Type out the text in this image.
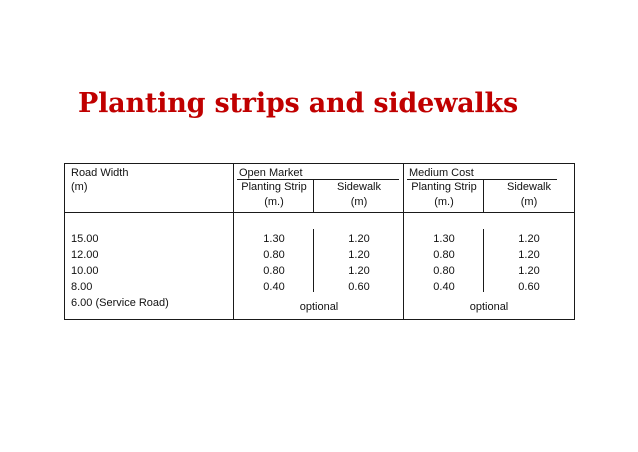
Planting strips and sidewalks
Road Width
(m)
Open Market
Planting Strip
(m.)
Sidewalk
(m)
Medium Cost
Planting Strip
(m.)
Sidewalk
(m)
15.00
12.00
10.00
8.00
6.00 (Service Road)
1.30
0.80
0.80
0.40
1.20
1.20
1.20
0.60
optional
1.30
0.80
0.80
0.40
1.20
1.20
1.20
0.60
optional
